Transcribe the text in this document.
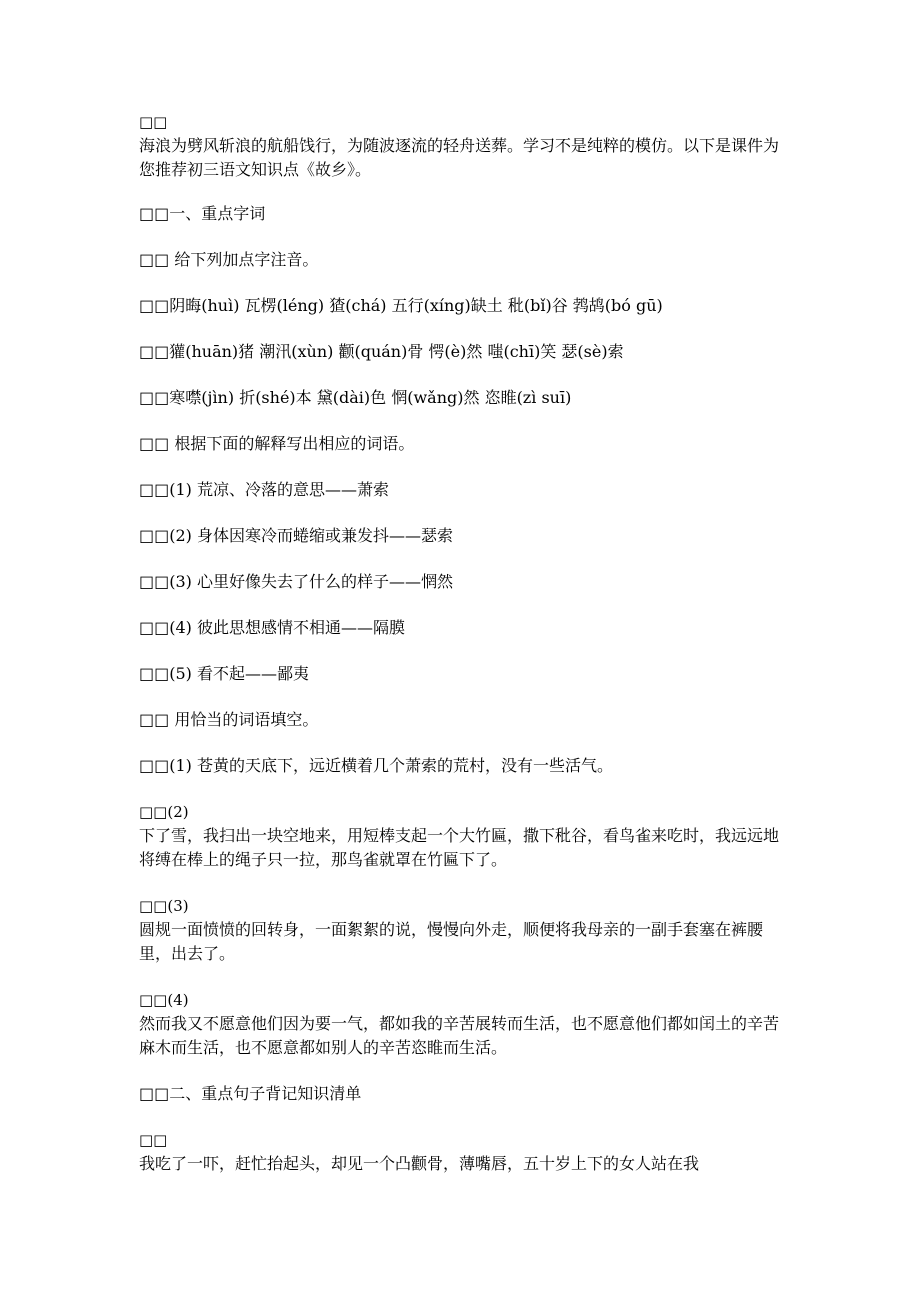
□□
海浪为劈风斩浪的航船饯行，为随波逐流的轻舟送葬。学习不是纯粹的模仿。以下是课件为您推荐初三语文知识点《故乡》。

□□一、重点字词

□□ 给下列加点字注音。

□□阴晦(huì) 瓦楞(léng) 猹(chá) 五行(xíng)缺土 秕(bǐ)谷 鹁鸪(bó gū)

□□獾(huān)猪 潮汛(xùn) 颧(quán)骨 愕(è)然 嗤(chī)笑 瑟(sè)索

□□寒噤(jìn) 折(shé)本 黛(dài)色 惘(wǎng)然 恣睢(zì suī)

□□ 根据下面的解释写出相应的词语。

□□(1) 荒凉、冷落的意思——萧索

□□(2) 身体因寒冷而蜷缩或兼发抖——瑟索

□□(3) 心里好像失去了什么的样子——惘然

□□(4) 彼此思想感情不相通——隔膜

□□(5) 看不起——鄙夷

□□ 用恰当的词语填空。

□□(1) 苍黄的天底下，远近横着几个萧索的荒村，没有一些活气。

□□(2)
下了雪，我扫出一块空地来，用短棒支起一个大竹匾，撒下秕谷，看鸟雀来吃时，我远远地将缚在棒上的绳子只一拉，那鸟雀就罩在竹匾下了。

□□(3)
圆规一面愤愤的回转身，一面絮絮的说，慢慢向外走，顺便将我母亲的一副手套塞在裤腰里，出去了。

□□(4)
然而我又不愿意他们因为要一气，都如我的辛苦展转而生活，也不愿意他们都如闰土的辛苦麻木而生活，也不愿意都如别人的辛苦恣睢而生活。

□□二、重点句子背记知识清单

□□
我吃了一吓，赶忙抬起头，却见一个凸颧骨，薄嘴唇，五十岁上下的女人站在我
